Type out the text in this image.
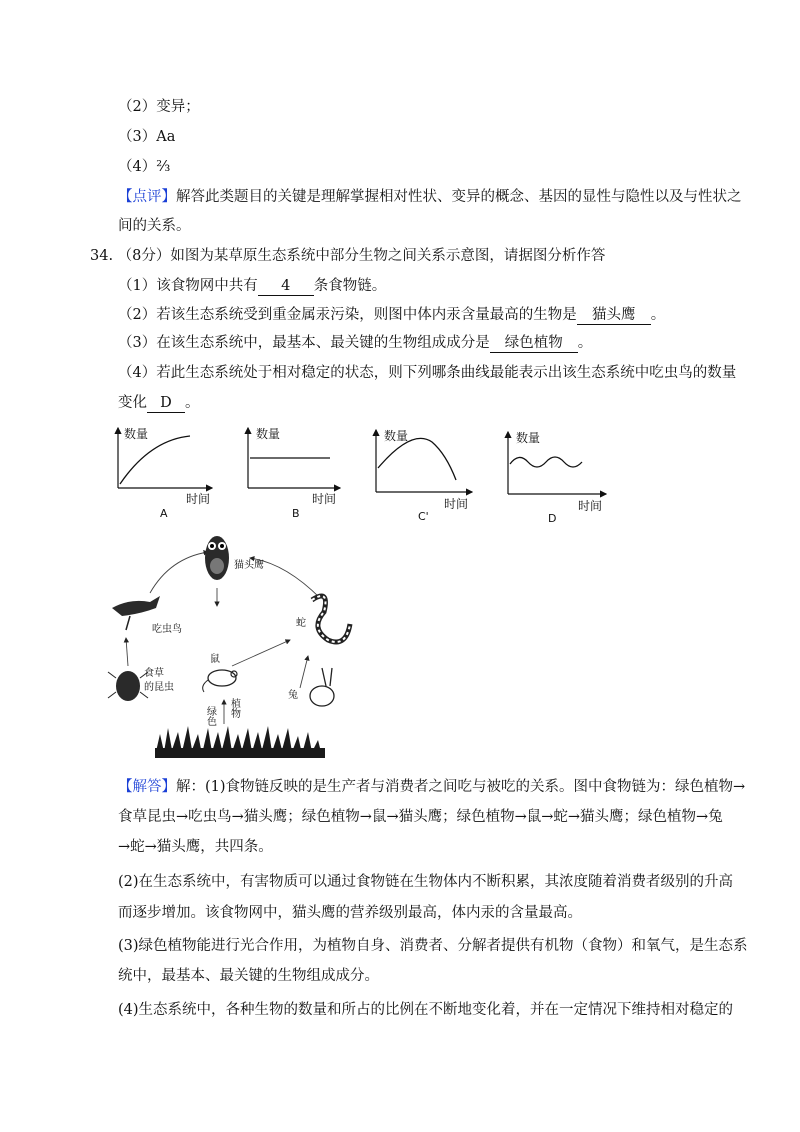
（2）变异；
（3）Aa
（4）⅔
【点评】解答此类题目的关键是理解掌握相对性状、变异的概念、基因的显性与隐性以及与性状之
间的关系。
34. （8分）如图为某草原生态系统中部分生物之间关系示意图，请据图分析作答
（1）该食物网中共有 4 条食物链。
（2）若该生态系统受到重金属汞污染，则图中体内汞含量最高的生物是 猫头鹰 。
（3）在该生态系统中，最基本、最关键的生物组成成分是 绿色植物 。
（4）若此生态系统处于相对稳定的状态，则下列哪条曲线最能表示出该生态系统中吃虫鸟的数量
变化 D 。
数量
时间
A
数量
时间
B
数量
时间
C'
数量
时间
D
猫头鹰
吃虫鸟
蛇
鼠
兔
食草
的昆虫
绿色 植物
【解答】解：(1)食物链反映的是生产者与消费者之间吃与被吃的关系。图中食物链为：绿色植物→
食草昆虫→吃虫鸟→猫头鹰；绿色植物→鼠→猫头鹰；绿色植物→鼠→蛇→猫头鹰；绿色植物→兔
→蛇→猫头鹰，共四条。
(2)在生态系统中，有害物质可以通过食物链在生物体内不断积累，其浓度随着消费者级别的升高
而逐步增加。该食物网中，猫头鹰的营养级别最高，体内汞的含量最高。
(3)绿色植物能进行光合作用，为植物自身、消费者、分解者提供有机物（食物）和氧气，是生态系
统中，最基本、最关键的生物组成成分。
(4)生态系统中，各种生物的数量和所占的比例在不断地变化着，并在一定情况下维持相对稳定的
